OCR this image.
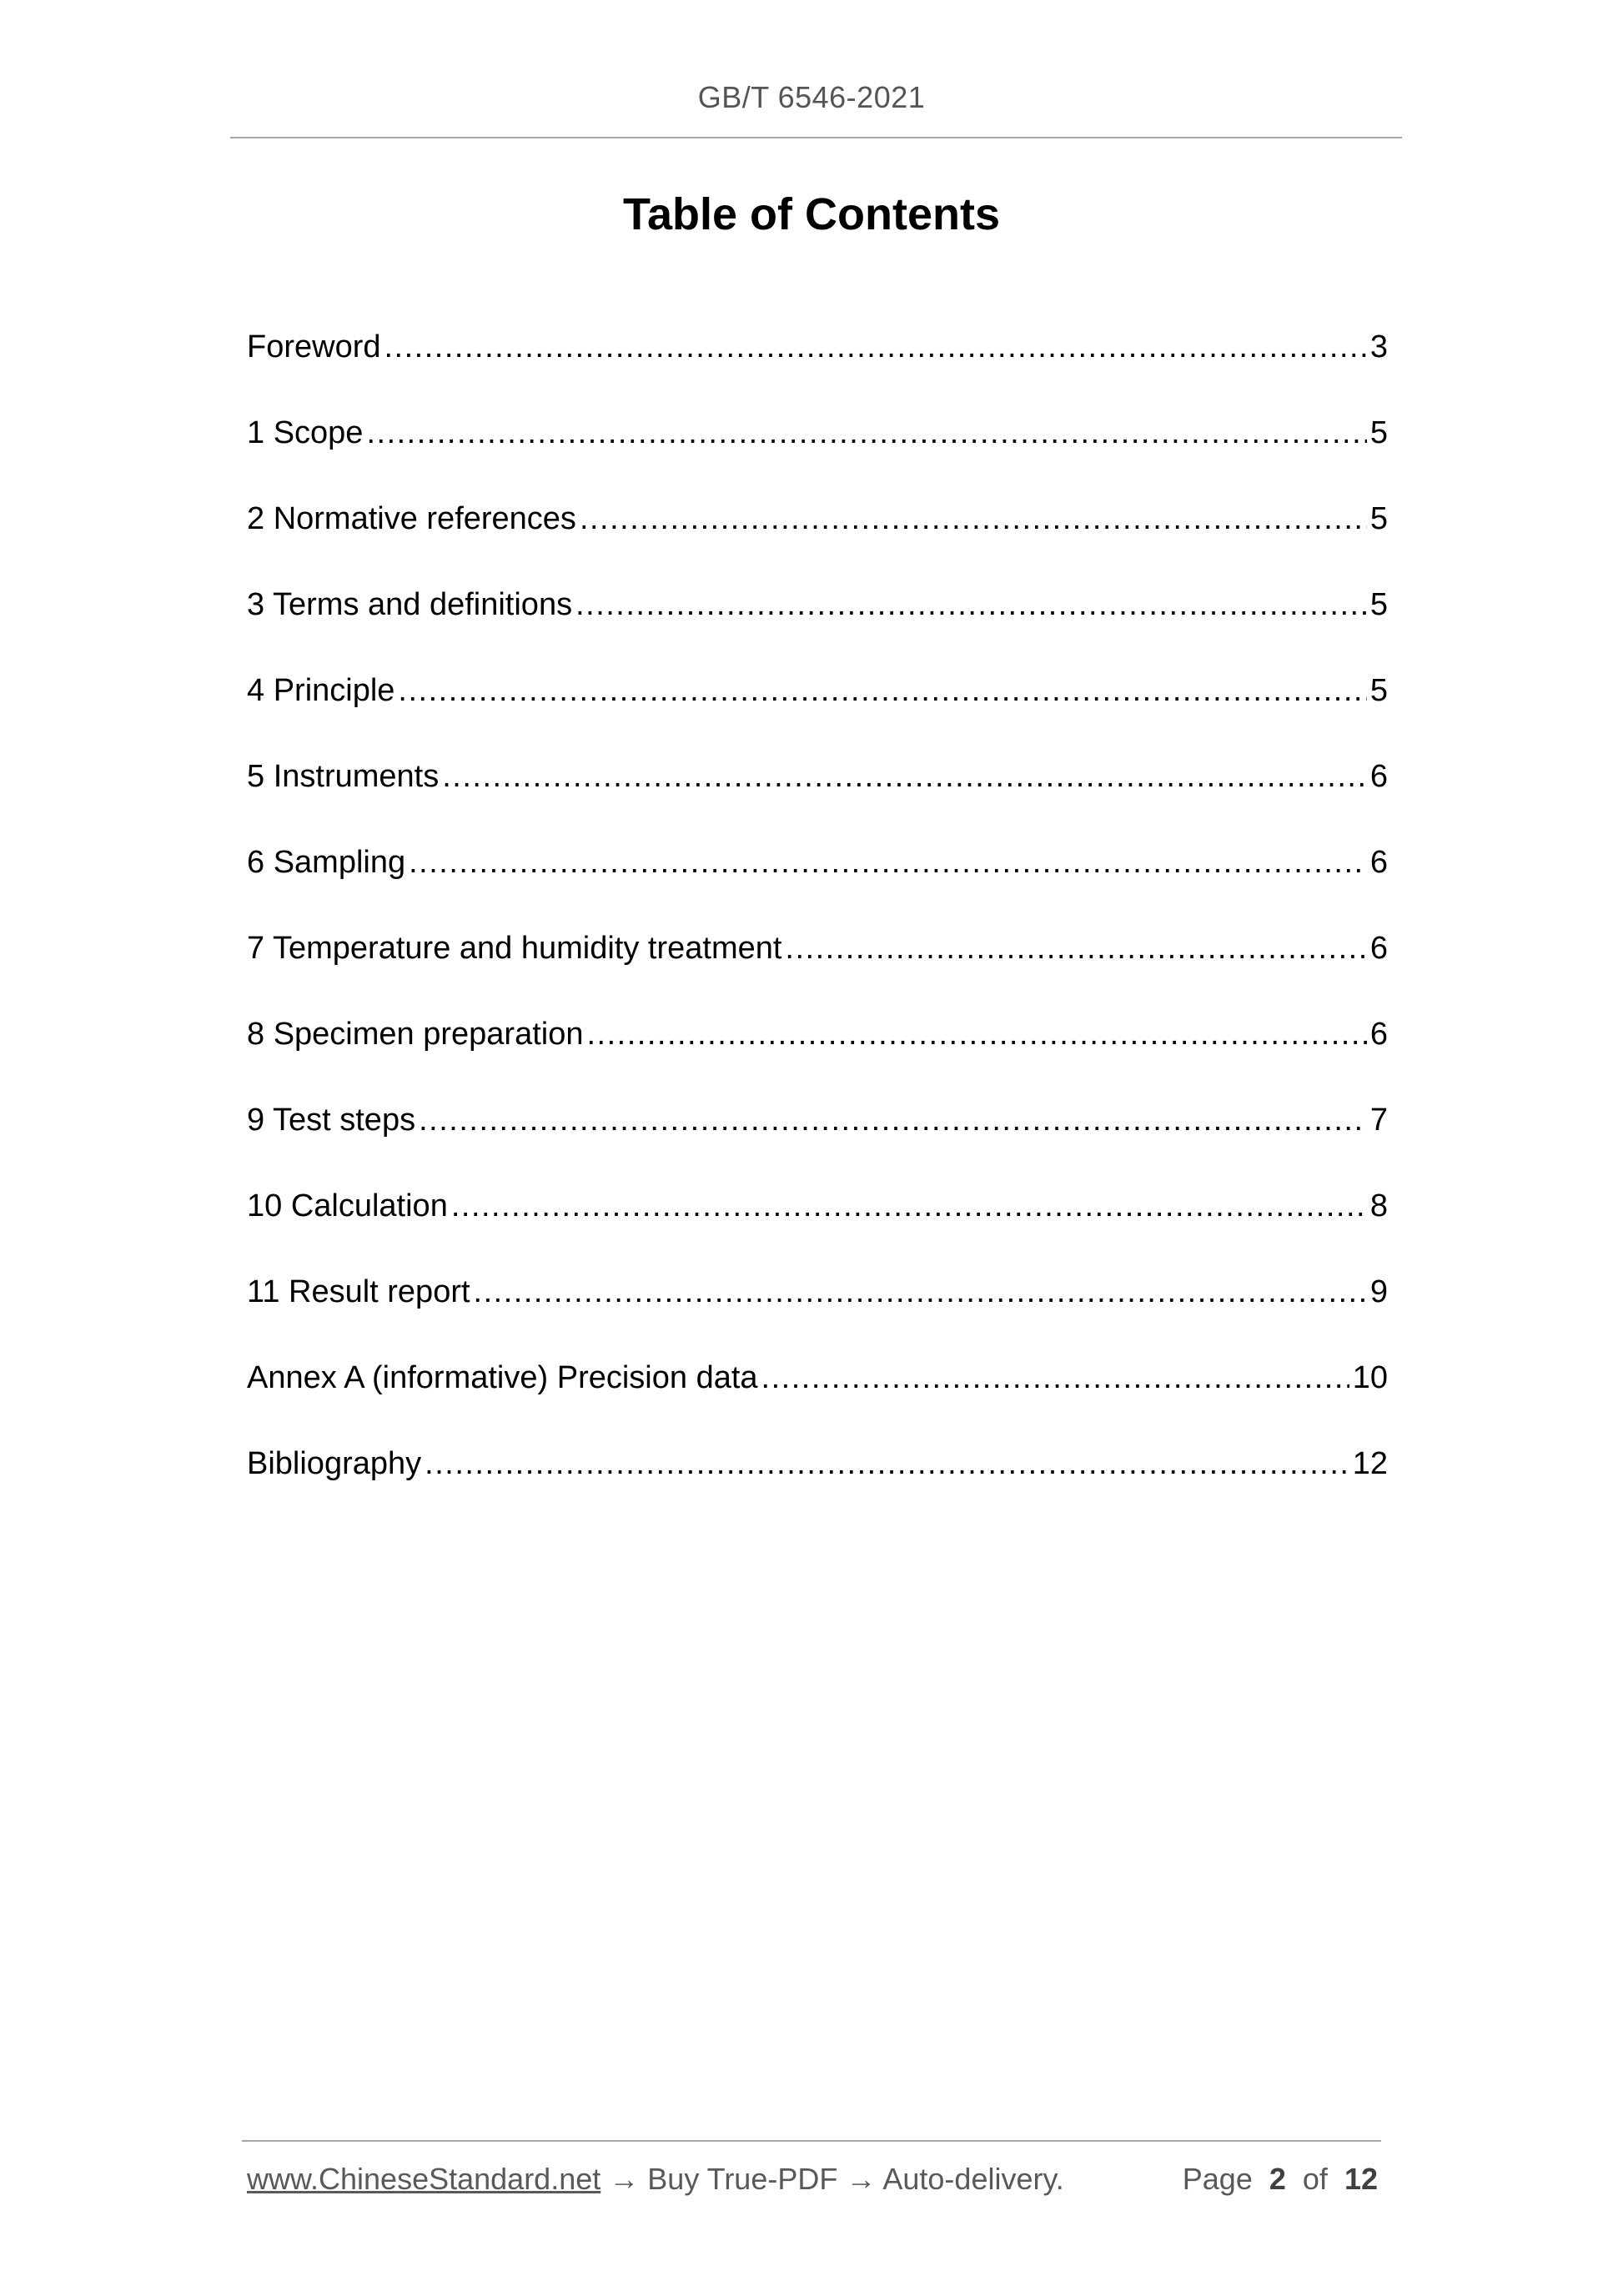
GB/T 6546-2021
Table of Contents
Foreword .....	3
1 Scope .....	5
2 Normative references .....	5
3 Terms and definitions .....	5
4 Principle .....	5
5 Instruments .....	6
6 Sampling .....	6
7 Temperature and humidity treatment .....	6
8 Specimen preparation .....	6
9 Test steps .....	7
10 Calculation .....	8
11 Result report .....	9
Annex A (informative) Precision data .....	10
Bibliography .....	12
www.ChineseStandard.net → Buy True-PDF → Auto-delivery.	Page 2 of 12
